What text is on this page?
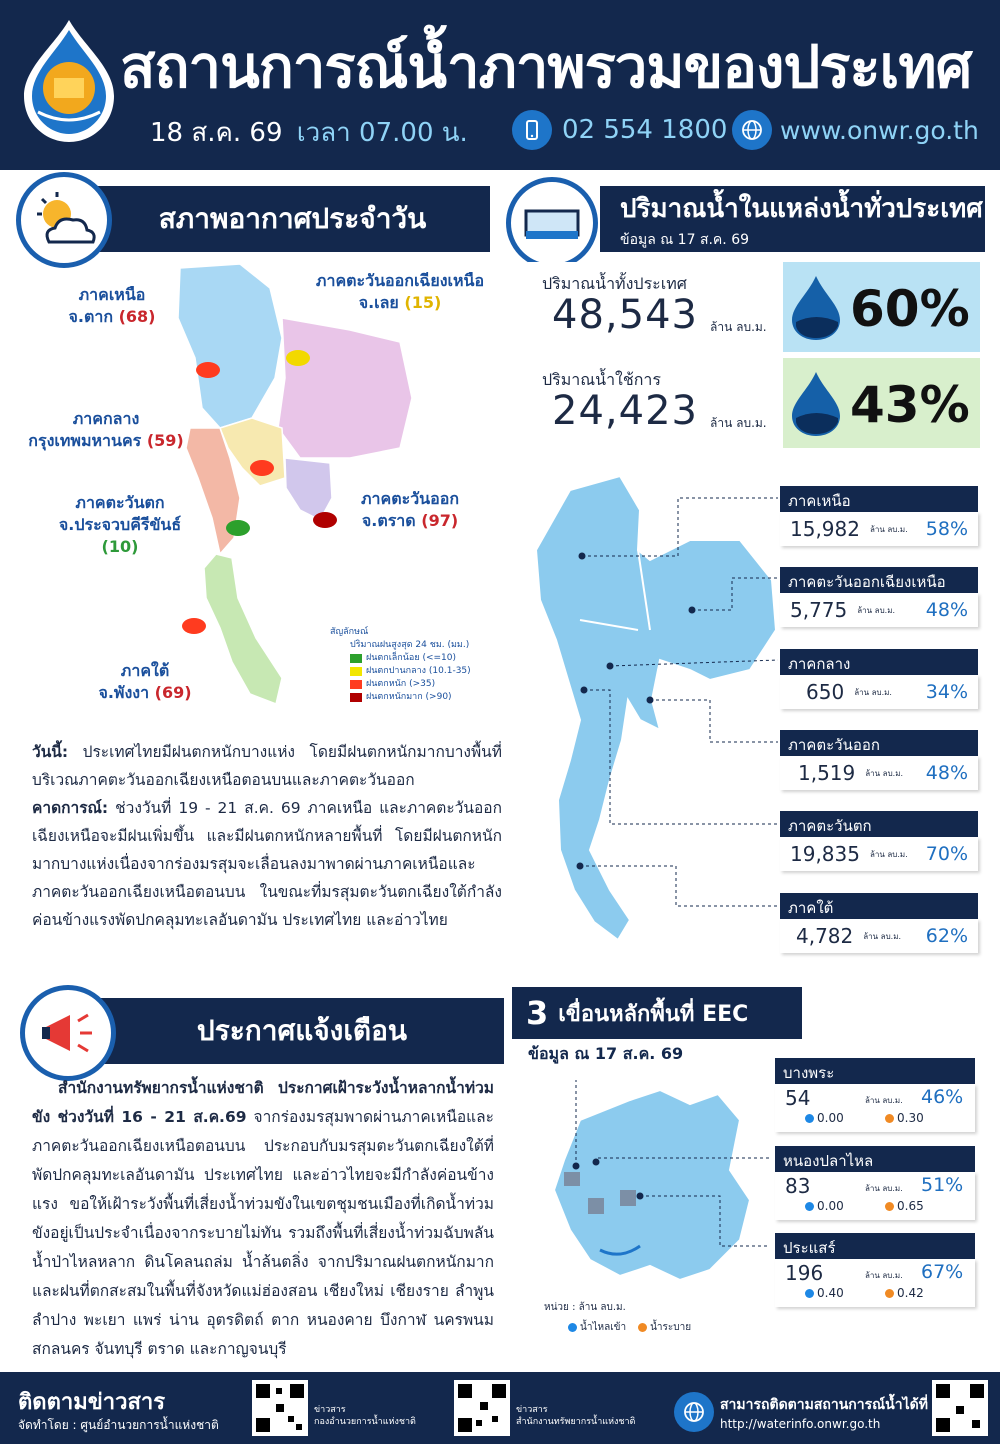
สถานการณ์น้ำภาพรวมของประเทศ
18 ส.ค. 69 เวลา 07.00 น.	02 554 1800 www.onwr.go.th
สภาพอากาศประจำวัน
ภาคเหนือ
จ.ตาก (68)
ภาคตะวันออกเฉียงเหนือ
จ.เลย (15)
ภาคกลาง
กรุงเทพมหานคร (59)
ภาคตะวันตก
จ.ประจวบคีรีขันธ์ (10)
ภาคตะวันออก
จ.ตราด (97)
ภาคใต้
จ.พังงา (69)
สัญลักษณ์
ปริมาณฝนสูงสุด 24 ชม. (มม.)
ฝนตกเล็กน้อย (<=10)
ฝนตกปานกลาง (10.1-35)
ฝนตกหนัก (>35)
ฝนตกหนักมาก (>90)
วันนี้: ประเทศไทยมีฝนตกหนักบางแห่ง โดยมีฝนตกหนักมากบางพื้นที่บริเวณภาคตะวันออกเฉียงเหนือตอนบนและภาคตะวันออก
คาดการณ์: ช่วงวันที่ 19 - 21 ส.ค. 69 ภาคเหนือ และภาคตะวันออกเฉียงเหนือจะมีฝนเพิ่มขึ้น และมีฝนตกหนักหลายพื้นที่ โดยมีฝนตกหนักมากบางแห่งเนื่องจากร่องมรสุมจะเลื่อนลงมาพาดผ่านภาคเหนือและภาคตะวันออกเฉียงเหนือตอนบน ในขณะที่มรสุมตะวันตกเฉียงใต้กำลังค่อนข้างแรงพัดปกคลุมทะเลอันดามัน ประเทศไทย และอ่าวไทย
ปริมาณน้ำในแหล่งน้ำทั่วประเทศ
ข้อมูล ณ 17 ส.ค. 69
ปริมาณน้ำทั้งประเทศ
48,543 ล้าน ลบ.ม. 60%
ปริมาณน้ำใช้การ
24,423 ล้าน ลบ.ม. 43%
ภาคเหนือ
15,982 ล้าน ลบ.ม. 58%
ภาคตะวันออกเฉียงเหนือ
5,775 ล้าน ลบ.ม. 48%
ภาคกลาง
650 ล้าน ลบ.ม. 34%
ภาคตะวันออก
1,519 ล้าน ลบ.ม. 48%
ภาคตะวันตก
19,835 ล้าน ลบ.ม. 70%
ภาคใต้
4,782 ล้าน ลบ.ม. 62%
ประกาศแจ้งเตือน
สำนักงานทรัพยากรน้ำแห่งชาติ ประกาศเฝ้าระวังน้ำหลากน้ำท่วมขัง ช่วงวันที่ 16 - 21 ส.ค.69 จากร่องมรสุมพาดผ่านภาคเหนือและภาคตะวันออกเฉียงเหนือตอนบน ประกอบกับมรสุมตะวันตกเฉียงใต้ที่พัดปกคลุมทะเลอันดามัน ประเทศไทย และอ่าวไทยจะมีกำลังค่อนข้างแรง ขอให้เฝ้าระวังพื้นที่เสี่ยงน้ำท่วมขังในเขตชุมชนเมืองที่เกิดน้ำท่วมขังอยู่เป็นประจำเนื่องจากระบายไม่ทัน รวมถึงพื้นที่เสี่ยงน้ำท่วมฉับพลัน น้ำป่าไหลหลาก ดินโคลนถล่ม น้ำล้นตลิ่ง จากปริมาณฝนตกหนักมากและฝนที่ตกสะสมในพื้นที่จังหวัดแม่ฮ่องสอน เชียงใหม่ เชียงราย ลำพูน ลำปาง พะเยา แพร่ น่าน อุตรดิตถ์ ตาก หนองคาย บึงกาฬ นครพนม สกลนคร จันทบุรี ตราด และกาญจนบุรี
3 เขื่อนหลักพื้นที่ EEC
ข้อมูล ณ 17 ส.ค. 69
หน่วย : ล้าน ลบ.ม.
น้ำไหลเข้า	น้ำระบาย
บางพระ
54	ล้าน ลบ.ม. 46%
0.00	0.30
หนองปลาไหล
83	ล้าน ลบ.ม. 51%
0.00	0.65
ประแสร์
196	ล้าน ลบ.ม. 67%
0.40	0.42
ติดตามข่าวสาร
จัดทำโดย : ศูนย์อำนวยการน้ำแห่งชาติ
ข่าวสาร
กองอำนวยการน้ำแห่งชาติ
ข่าวสาร
สำนักงานทรัพยากรน้ำแห่งชาติ
สามารถติดตามสถานการณ์น้ำได้ที่
http://waterinfo.onwr.go.th
